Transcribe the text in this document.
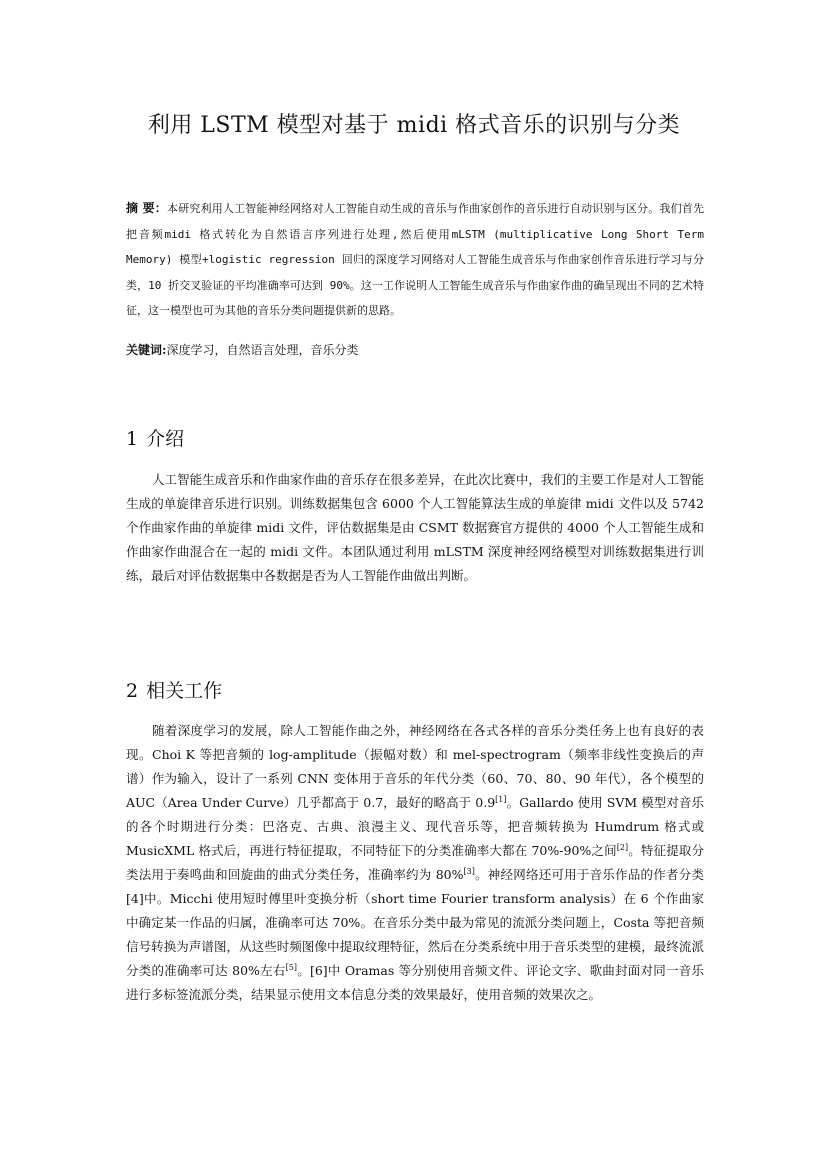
利用 LSTM 模型对基于 midi 格式音乐的识别与分类
摘 要：本研究利用人工智能神经网络对人工智能自动生成的音乐与作曲家创作的音乐进行自动识别与区分。我们首先把音频midi 格式转化为自然语言序列进行处理,然后使用mLSTM (multiplicative Long Short Term Memory) 模型+logistic regression 回归的深度学习网络对人工智能生成音乐与作曲家创作音乐进行学习与分类，10 折交叉验证的平均准确率可达到 90%。这一工作说明人工智能生成音乐与作曲家作曲的确呈现出不同的艺术特征，这一模型也可为其他的音乐分类问题提供新的思路。
关键词:深度学习，自然语言处理，音乐分类
1 介绍
人工智能生成音乐和作曲家作曲的音乐存在很多差异，在此次比赛中，我们的主要工作是对人工智能生成的单旋律音乐进行识别。训练数据集包含 6000 个人工智能算法生成的单旋律 midi 文件以及 5742 个作曲家作曲的单旋律 midi 文件，评估数据集是由 CSMT 数据赛官方提供的 4000 个人工智能生成和作曲家作曲混合在一起的 midi 文件。本团队通过利用 mLSTM 深度神经网络模型对训练数据集进行训练，最后对评估数据集中各数据是否为人工智能作曲做出判断。
2 相关工作
随着深度学习的发展，除人工智能作曲之外，神经网络在各式各样的音乐分类任务上也有良好的表现。Choi K 等把音频的 log-amplitude（振幅对数）和 mel-spectrogram（频率非线性变换后的声谱）作为输入，设计了一系列 CNN 变体用于音乐的年代分类（60、70、80、90 年代），各个模型的 AUC（Area Under Curve）几乎都高于 0.7，最好的略高于 0.9[1]。Gallardo 使用 SVM 模型对音乐的各个时期进行分类：巴洛克、古典、浪漫主义、现代音乐等，把音频转换为 Humdrum 格式或 MusicXML 格式后，再进行特征提取，不同特征下的分类准确率大都在 70%-90%之间[2]。特征提取分类法用于奏鸣曲和回旋曲的曲式分类任务，准确率约为 80%[3]。神经网络还可用于音乐作品的作者分类[4]中。Micchi 使用短时傅里叶变换分析（short time Fourier transform analysis）在 6 个作曲家中确定某一作品的归属，准确率可达 70%。在音乐分类中最为常见的流派分类问题上，Costa 等把音频信号转换为声谱图，从这些时频图像中提取纹理特征，然后在分类系统中用于音乐类型的建模，最终流派分类的准确率可达 80%左右[5]。[6]中 Oramas 等分别使用音频文件、评论文字、歌曲封面对同一音乐进行多标签流派分类，结果显示使用文本信息分类的效果最好，使用音频的效果次之。
